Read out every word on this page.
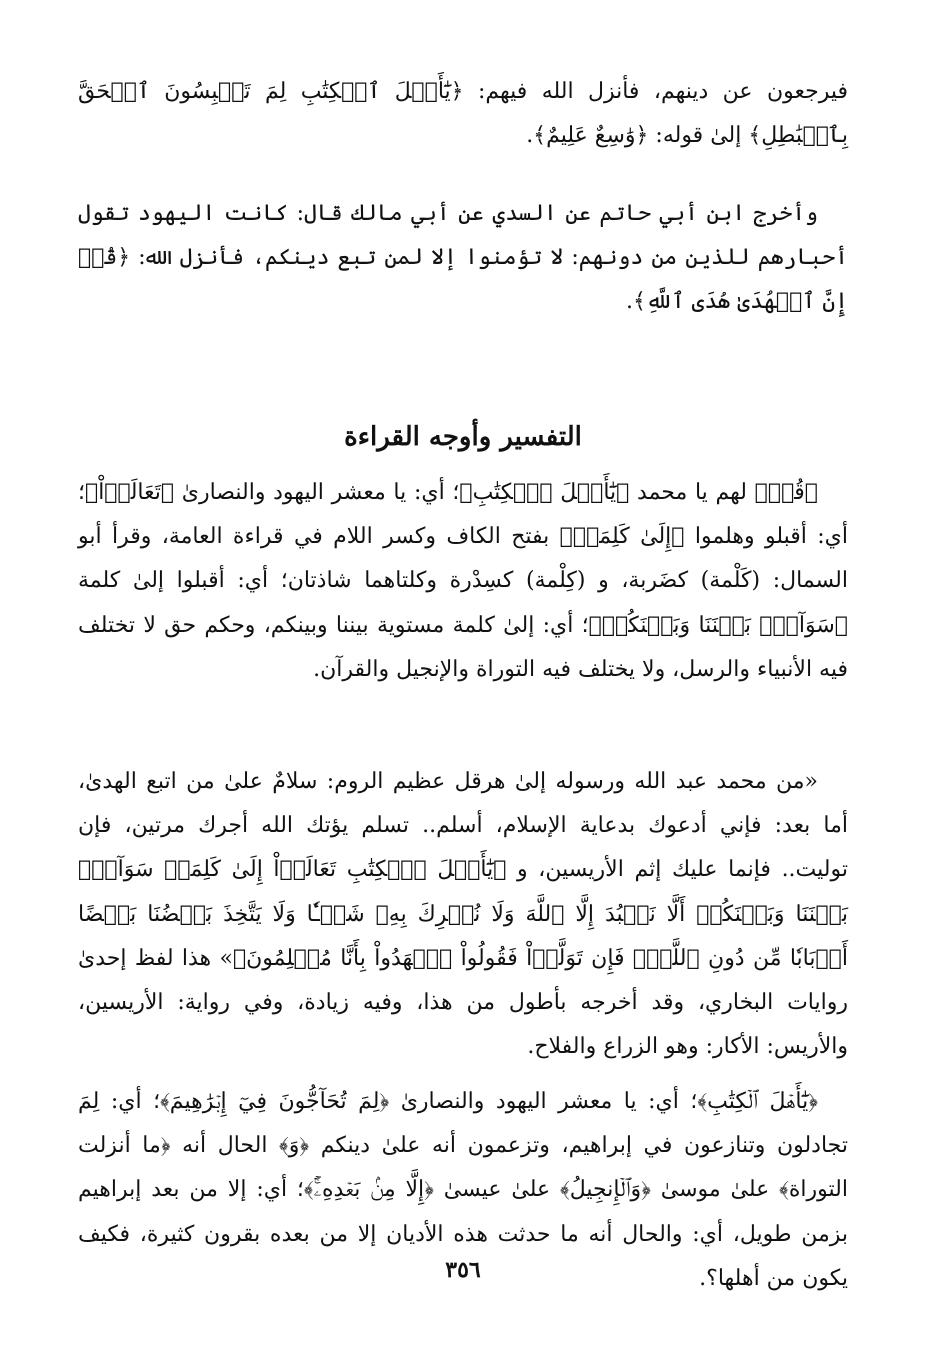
فيرجعون عن دينهم، فأنزل الله فيهم: ﴿يَٰٓأَهۡلَ ٱلۡكِتَٰبِ لِمَ تَلۡبِسُونَ ٱلۡحَقَّ بِٱلۡبَٰطِلِ﴾ إلىٰ قوله: ﴿وَٰسِعٌ عَلِيمٌ﴾.

وأخرج ابن أبي حاتم عن السدي عن أبي مالك قال: كانت اليهود تقول أحبارهم للذين من دونهم: لا تؤمنوا إلا لمن تبع دينكم، فأنزل الله: ﴿قُلۡ إِنَّ ٱلۡهُدَىٰ هُدَى ٱللَّهِ﴾.

التفسير وأوجه القراءة

﴿قُلۡ﴾ لهم يا محمد ﴿يَٰٓأَهۡلَ ٱلۡكِتَٰبِ﴾؛ أي: يا معشر اليهود والنصارىٰ ﴿تَعَالَوۡاْ﴾؛ أي: أقبلو وهلموا ﴿إِلَىٰ كَلِمَةٖ﴾ بفتح الكاف وكسر اللام في قراءة العامة، وقرأ أبو السمال: (كَلْمة) كضَربة، و (كِلْمة) كسِدْرة وكلتاهما شاذتان؛ أي: أقبلوا إلىٰ كلمة ﴿سَوَآءِۭ بَيۡنَنَا وَبَيۡنَكُمۡ﴾؛ أي: إلىٰ كلمة مستوية بيننا وبينكم، وحكم حق لا تختلف فيه الأنبياء والرسل، ولا يختلف فيه التوراة والإنجيل والقرآن.

«من محمد عبد الله ورسوله إلىٰ هرقل عظيم الروم: سلامٌ علىٰ من اتبع الهدىٰ، أما بعد: فإني أدعوك بدعاية الإسلام، أسلم.. تسلم يؤتك الله أجرك مرتين، فإن توليت.. فإنما عليك إثم الأريسين، و ﴿يَٰٓأَهۡلَ ٱلۡكِتَٰبِ تَعَالَوۡاْ إِلَىٰ كَلِمَةٖ سَوَآءِۭ بَيۡنَنَا وَبَيۡنَكُمۡ أَلَّا نَعۡبُدَ إِلَّا ٱللَّهَ وَلَا نُشۡرِكَ بِهِۦ شَيۡـٔٗا وَلَا يَتَّخِذَ بَعۡضُنَا بَعۡضًا أَرۡبَابٗا مِّن دُونِ ٱللَّهِۚ فَإِن تَوَلَّوۡاْ فَقُولُواْ ٱشۡهَدُواْ بِأَنَّا مُسۡلِمُونَ﴾» هذا لفظ إحدىٰ روايات البخاري، وقد أخرجه بأطول من هذا، وفيه زيادة، وفي رواية: الأريسين، والأريس: الأكار: وهو الزراع والفلاح.

﴿يَٰٓأَهۡلَ ٱلۡكِتَٰبِ﴾؛ أي: يا معشر اليهود والنصارىٰ ﴿لِمَ تُحَآجُّونَ فِيٓ إِبۡرَٰهِيمَ﴾؛ أي: لِمَ تجادلون وتنازعون في إبراهيم، وتزعمون أنه علىٰ دينكم ﴿وَ﴾ الحال أنه ﴿ما أنزلت التوراة﴾ علىٰ موسىٰ ﴿وَٱلۡإِنجِيلُ﴾ علىٰ عيسىٰ ﴿إِلَّا مِنۢ بَعۡدِهِۦٓۚ﴾؛ أي: إلا من بعد إبراهيم بزمن طويل، أي: والحال أنه ما حدثت هذه الأديان إلا من بعده بقرون كثيرة، فكيف يكون من أهلها؟.

٣٥٦
